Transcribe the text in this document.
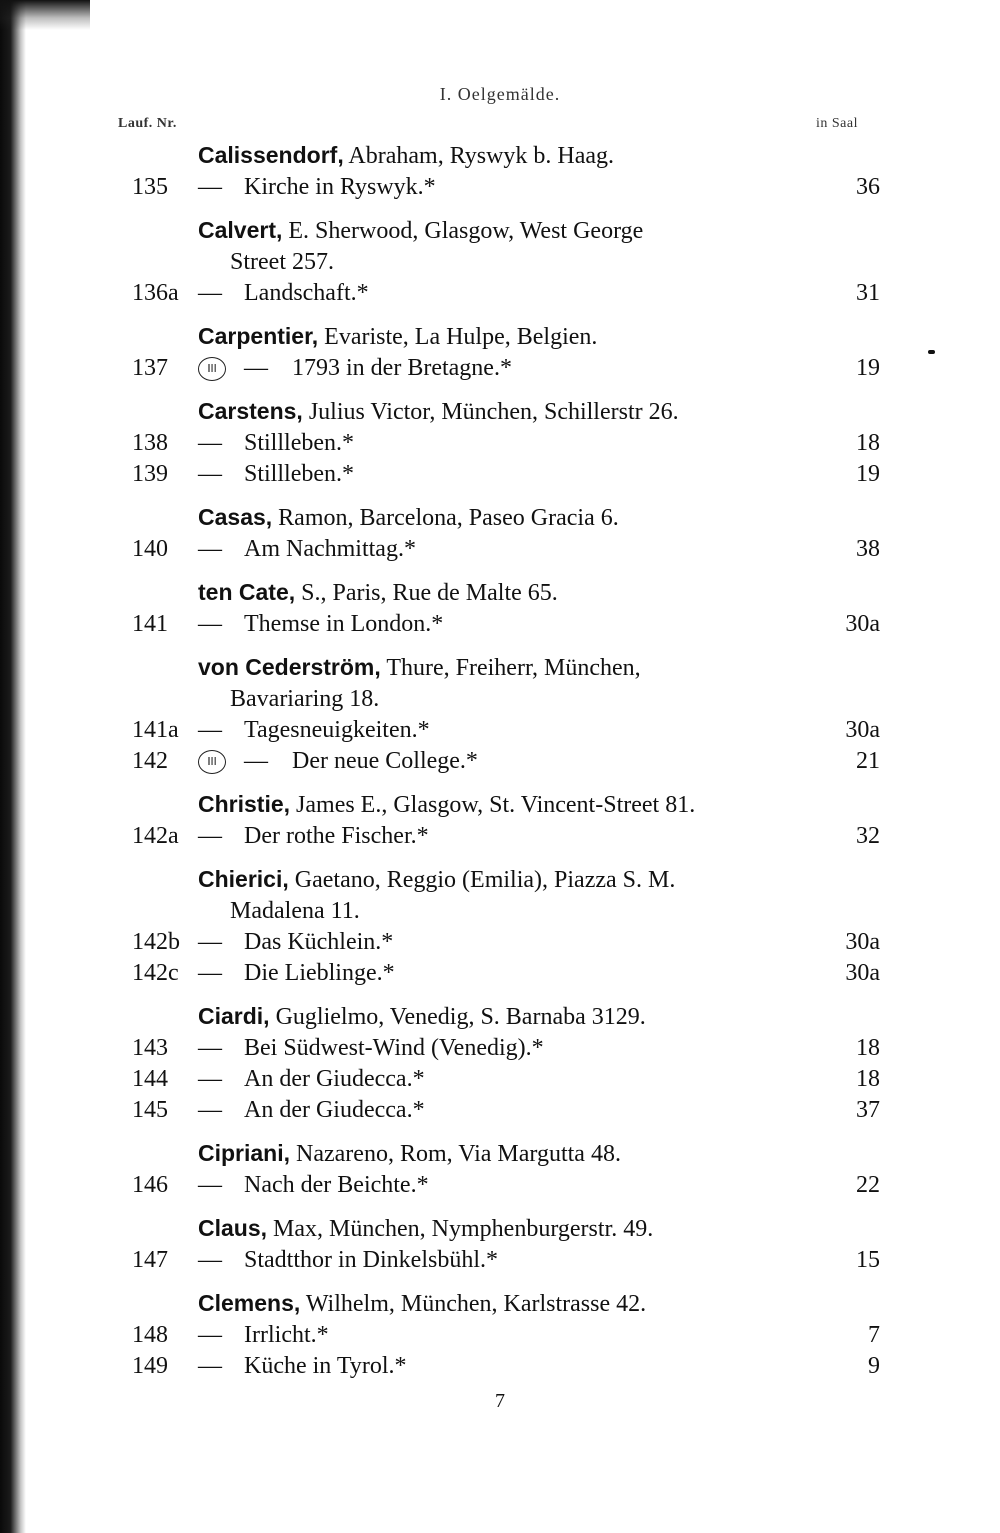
I. Oelgemälde.
Lauf. Nr.	in Saal
Calissendorf, Abraham, Ryswyk b. Haag.
135 — Kirche in Ryswyk.*	36
Calvert, E. Sherwood, Glasgow, West George
Street 257.
136a — Landschaft.*	31
Carpentier, Evariste, La Hulpe, Belgien.
137	Ill	— 1793 in der Bretagne.*	19
Carstens, Julius Victor, München, Schillerstr 26.
138 — Stillleben.*	18
139 — Stillleben.*	19
Casas, Ramon, Barcelona, Paseo Gracia 6.
140 — Am Nachmittag.*	38
ten Cate, S., Paris, Rue de Malte 65.
141 — Themse in London.*	30a
von Cederström, Thure, Freiherr, München,
Bavariaring 18.
141a — Tagesneuigkeiten.*	30a
142	Ill	— Der neue College.*	21
Christie, James E., Glasgow, St. Vincent-Street 81.
142a — Der rothe Fischer.*	32
Chierici, Gaetano, Reggio (Emilia), Piazza S. M.
Madalena 11.
142b — Das Küchlein.*	30a
142c — Die Lieblinge.*	30a
Ciardi, Guglielmo, Venedig, S. Barnaba 3129.
143 — Bei Südwest-Wind (Venedig).*	18
144 — An der Giudecca.*	18
145 — An der Giudecca.*	37
Cipriani, Nazareno, Rom, Via Margutta 48.
146 — Nach der Beichte.*	22
Claus, Max, München, Nymphenburgerstr. 49.
147 — Stadtthor in Dinkelsbühl.*	15
Clemens, Wilhelm, München, Karlstrasse 42.
148 — Irrlicht.*	7
149 — Küche in Tyrol.*	9
7
